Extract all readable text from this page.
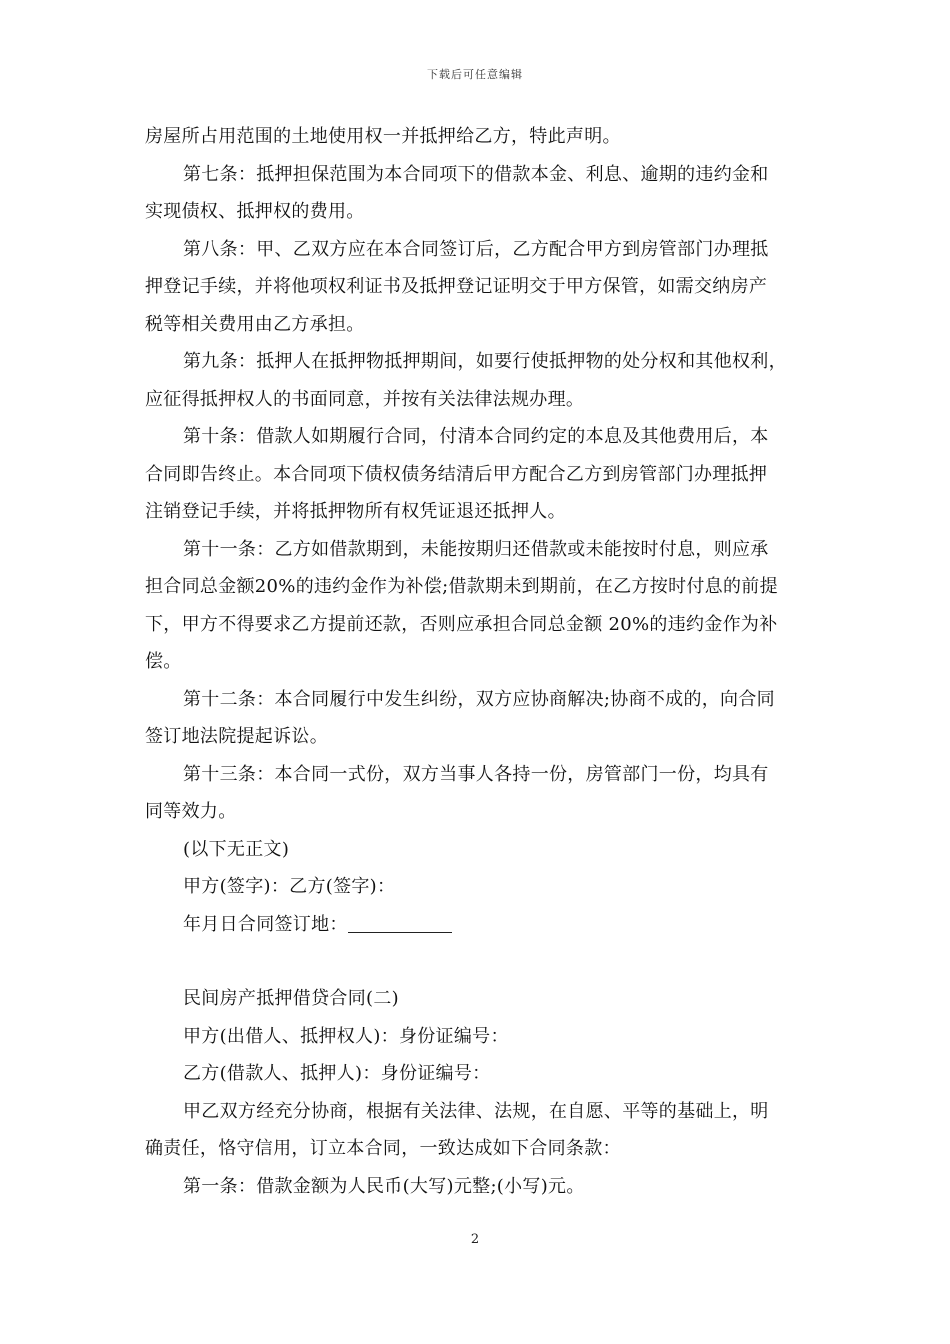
下载后可任意编辑
房屋所占用范围的土地使用权一并抵押给乙方，特此声明。
第七条：抵押担保范围为本合同项下的借款本金、利息、逾期的违约金和
实现债权、抵押权的费用。
第八条：甲、乙双方应在本合同签订后，乙方配合甲方到房管部门办理抵
押登记手续，并将他项权利证书及抵押登记证明交于甲方保管，如需交纳房产
税等相关费用由乙方承担。
第九条：抵押人在抵押物抵押期间，如要行使抵押物的处分权和其他权利，
应征得抵押权人的书面同意，并按有关法律法规办理。
第十条：借款人如期履行合同，付清本合同约定的本息及其他费用后，本
合同即告终止。本合同项下债权债务结清后甲方配合乙方到房管部门办理抵押
注销登记手续，并将抵押物所有权凭证退还抵押人。
第十一条：乙方如借款期到，未能按期归还借款或未能按时付息，则应承
担合同总金额20%的违约金作为补偿;借款期未到期前，在乙方按时付息的前提
下，甲方不得要求乙方提前还款，否则应承担合同总金额 20%的违约金作为补
偿。
第十二条：本合同履行中发生纠纷，双方应协商解决;协商不成的，向合同
签订地法院提起诉讼。
第十三条：本合同一式份，双方当事人各持一份，房管部门一份，均具有
同等效力。
(以下无正文)
甲方(签字)：乙方(签字)：
年月日合同签订地：
民间房产抵押借贷合同(二)
甲方(出借人、抵押权人)：身份证编号：
乙方(借款人、抵押人)：身份证编号：
甲乙双方经充分协商，根据有关法律、法规，在自愿、平等的基础上，明
确责任，恪守信用，订立本合同，一致达成如下合同条款：
第一条：借款金额为人民币(大写)元整;(小写)元。
2
